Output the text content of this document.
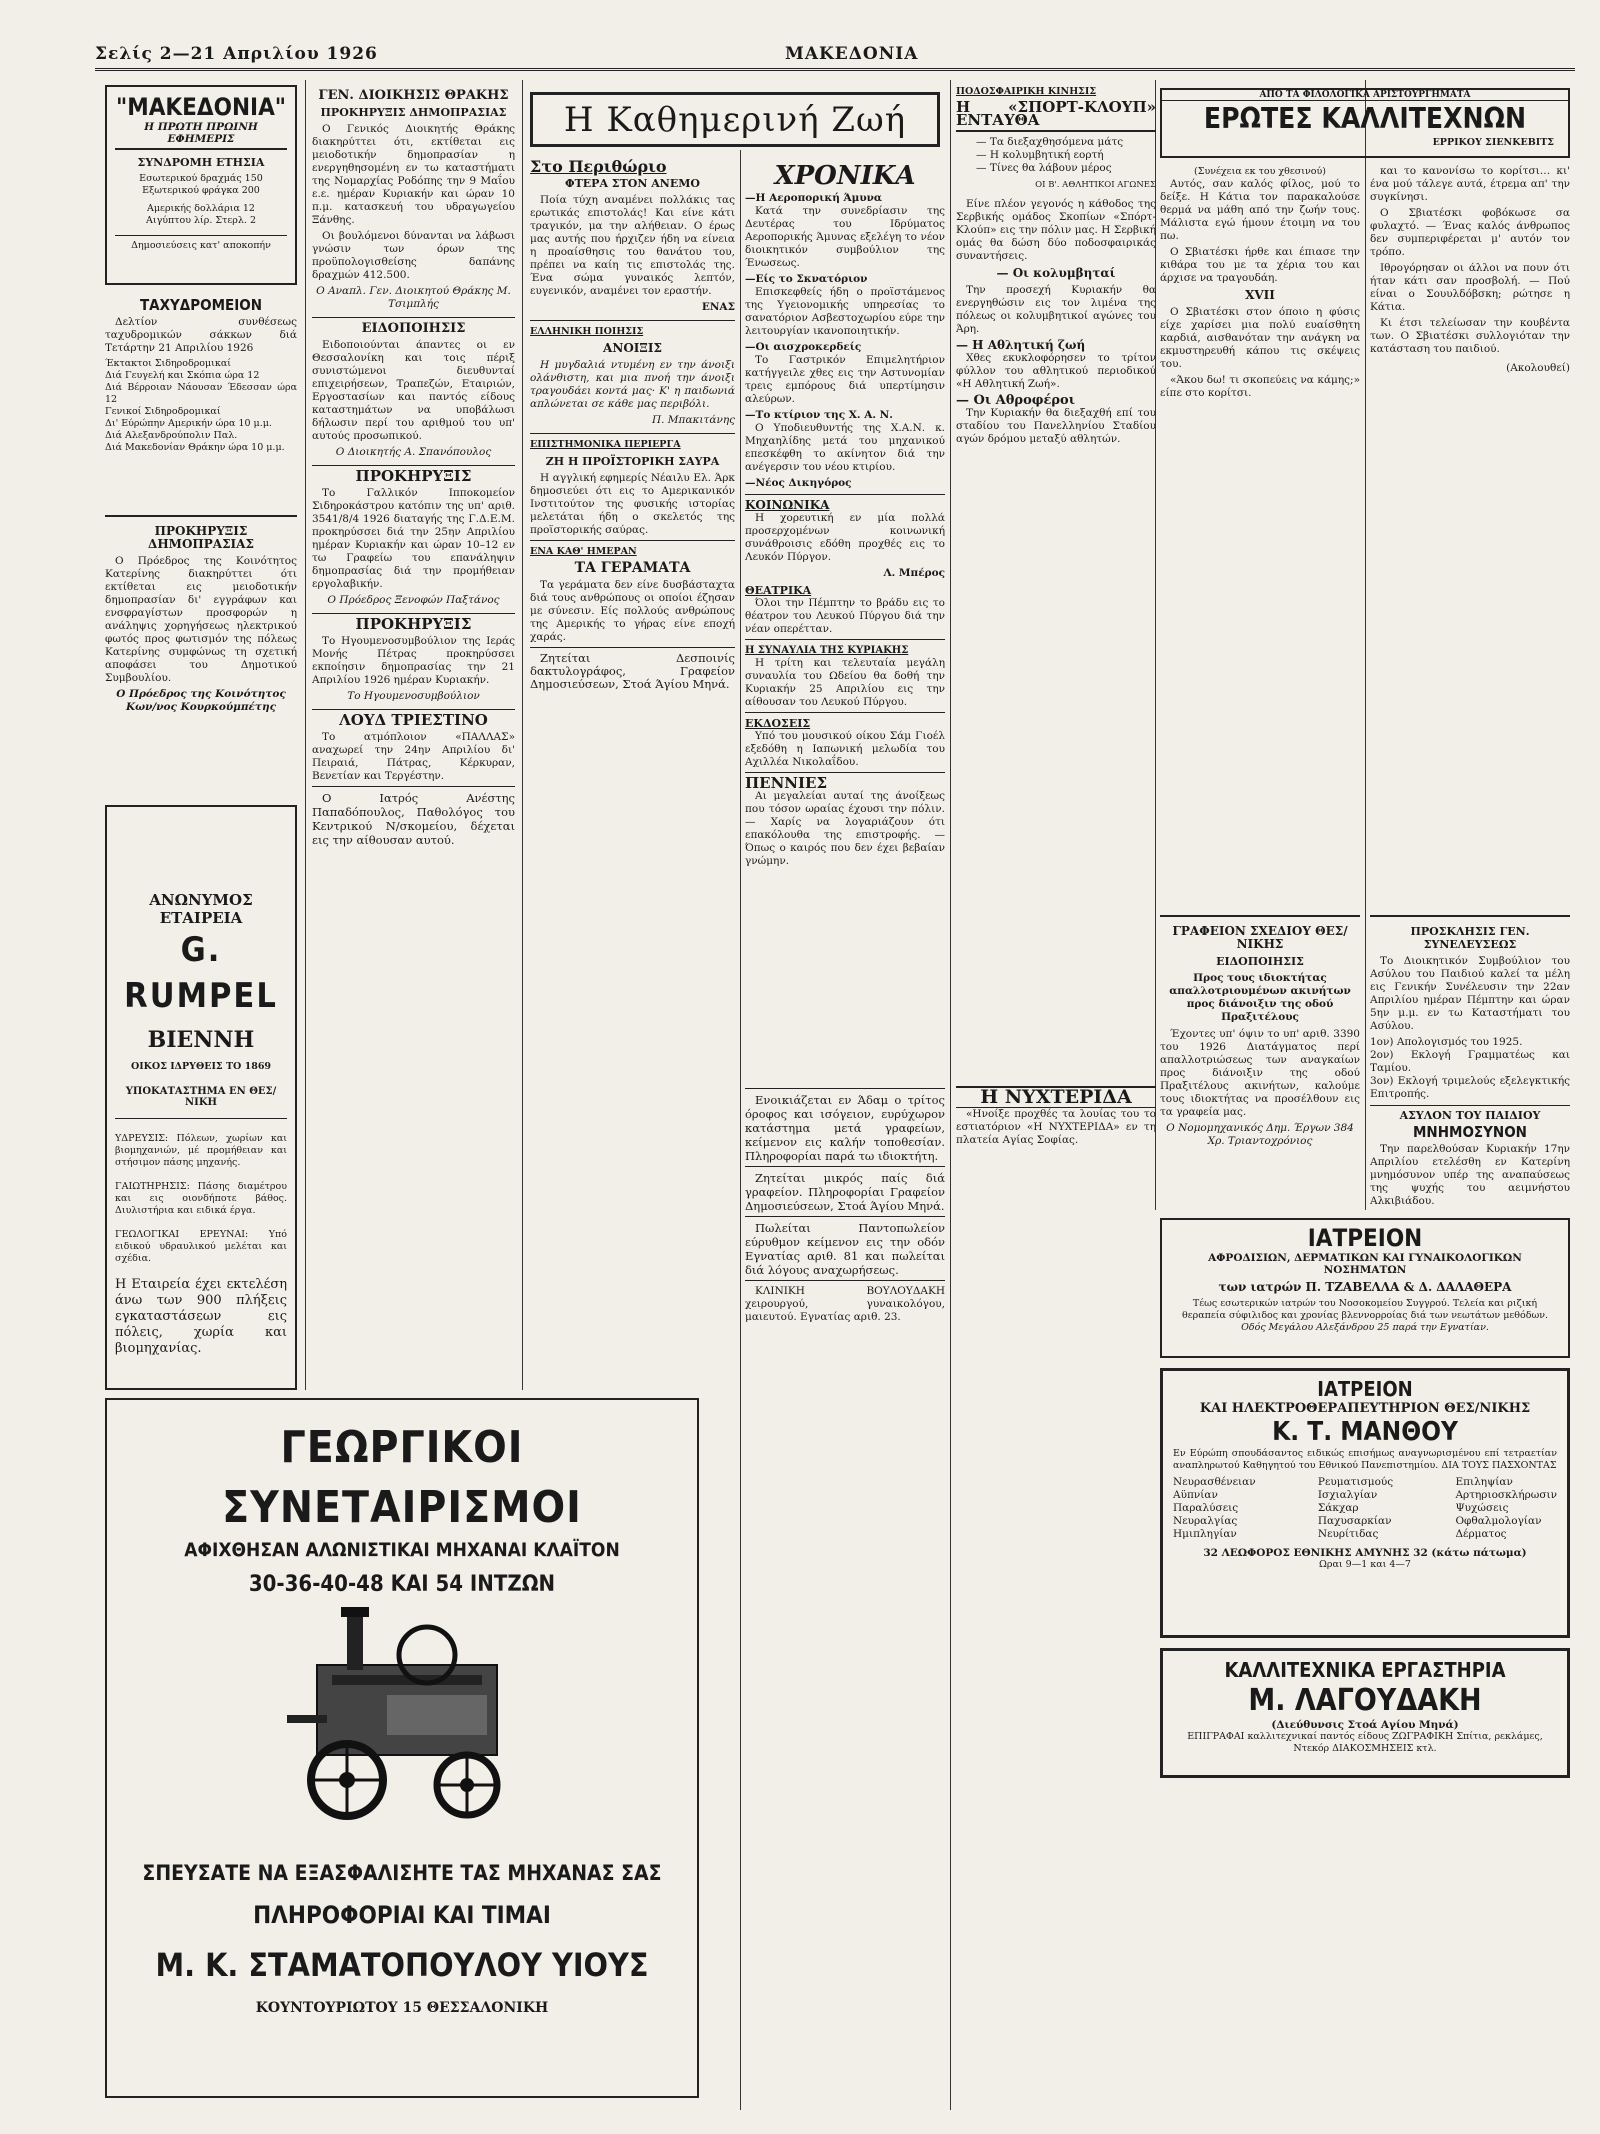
Σελίς 2—21 Απριλίου 1926	ΜΑΚΕΔΟΝΙΑ
"ΜΑΚΕΔΟΝΙΑ"
Η ΠΡΩΤΗ ΠΡΩΙΝΗ ΕΦΗΜΕΡΙΣ
ΣΥΝΔΡΟΜΗ ΕΤΗΣΙΑ
Εσωτερικού δραχμάς 150
Εξωτερικού φράγκα 200
Αμερικής δολλάρια 12
Αιγύπτου λίρ. Στερλ. 2
Δημοσιεύσεις κατ' αποκοπήν
ΤΑΧΥΔΡΟΜΕΙΟΝ

Δελτίον συνθέσεως ταχυδρομικών σάκκων διά Τετάρτην 21 Απριλίου 1926

Έκτακτοι Σιδηροδρομικαί
Διά Γευγελή και Σκόπια ώρα 12
Διά Βέρροιαν Νάουσαν Έδεσσαν ώρα 12
Γενικοί Σιδηροδρομικαί
Δι' Εύρώπην Αμερικήν ώρα 10 μ.μ.
Διά Αλεξανδρούπολιν Παλ.
Διά Μακεδονίαν Θράκην ώρα 10 μ.μ.
ΠΡΟΚΗΡΥΞΙΣ ΔΗΜΟΠΡΑΣΙΑΣ

Ο Πρόεδρος της Κοινότητος Κατερίνης διακηρύττει ότι εκτίθεται εις μειοδοτικήν δημοπρασίαν δι' εγγράφων και ενσφραγίστων προσφορών η ανάληψις χορηγήσεως ηλεκτρικού φωτός προς φωτισμόν της πόλεως Κατερίνης συμφώνως τη σχετική αποφάσει του Δημοτικού Συμβουλίου.

Ο Πρόεδρος της Κοινότητος Κων/νος Κουρκούμπέτης
ΑΝΩΝΥΜΟΣ ΕΤΑΙΡΕΙΑ
G. RUMPEL
ΒΙΕΝΝΗ
ΟΙΚΟΣ ΙΔΡΥΘΕΙΣ ΤΟ 1869
ΥΠΟΚΑΤΑΣΤΗΜΑ ΕΝ ΘΕΣ/ΝΙΚΗ

ΥΔΡΕΥΣΙΣ: Πόλεων, χωρίων και βιομηχανιών, μέ προμήθειαν και στήσιμον πάσης μηχανής.

ΓΑΙΩΤΗΡΗΣΙΣ: Πάσης διαμέτρου και εις οιονδήποτε βάθος. Διυλιστήρια και ειδικά έργα.

ΓΕΩΛΟΓΙΚΑΙ ΕΡΕΥΝΑΙ: Υπό ειδικού υδραυλικού μελέται και σχέδια.

Η Εταιρεία έχει εκτελέση άνω των 900 πλήξεις εγκαταστάσεων εις πόλεις, χωρία και βιομηχανίας.

ΓΕΝ. ΔΙΟΙΚΗΣΙΣ ΘΡΑΚΗΣ
ΠΡΟΚΗΡΥΞΙΣ ΔΗΜΟΠΡΑΣΙΑΣ

Ο Γενικός Διοικητής Θράκης διακηρύττει ότι, εκτίθεται εις μειοδοτικήν δημοπρασίαν η ενεργηθησομένη εν τω καταστήματι της Νομαρχίας Ροδόπης την 9 Μαΐου ε.ε. ημέραν Κυριακήν και ώραν 10 π.μ. κατασκευή του υδραγωγείου Ξάνθης.

Οι βουλόμενοι δύνανται να λάβωσι γνώσιν των όρων της προϋπολογισθείσης δαπάνης δραχμών 412.500.

Ο Αναπλ. Γεν. Διοικητού Θράκης Μ. Τσιμπλής
ΕΙΔΟΠΟΙΗΣΙΣ

Ειδοποιούνται άπαντες οι εν Θεσσαλονίκη και τοις πέριξ συνιστώμενοι διευθυνταί επιχειρήσεων, Τραπεζών, Εταιριών, Εργοστασίων και παντός είδους καταστημάτων να υποβάλωσι δήλωσιν περί του αριθμού του υπ' αυτούς προσωπικού.

Ο Διοικητής Α. Σπανόπουλος
ΠΡΟΚΗΡΥΞΙΣ

Το Γαλλικόν Ιπποκομείον Σιδηροκάστρου κατόπιν της υπ' αριθ. 3541/8/4 1926 διαταγής της Γ.Δ.Ε.Μ. προκηρύσσει διά την 25ην Απριλίου ημέραν Κυριακήν και ώραν 10–12 εν τω Γραφείω του επανάληψιν δημοπρασίας διά την προμήθειαν εργολαβικήν.

Ο Πρόεδρος Ξενοφών Παξτάνος
ΠΡΟΚΗΡΥΞΙΣ

Το Ηγουμενοσυμβούλιον της Ιεράς Μονής Πέτρας προκηρύσσει εκποίησιν δημοπρασίας την 21 Απριλίου 1926 ημέραν Κυριακήν.

Το Ηγουμενοσυμβούλιον
ΛΟΥΔ ΤΡΙΕΣΤΙΝΟ

Το ατμόπλοιον «ΠΑΛΛΑΣ» αναχωρεί την 24ην Απριλίου δι' Πειραιά, Πάτρας, Κέρκυραν, Βενετίαν και Τεργέστην.

Ο Ιατρός Ανέστης Παπαδόπουλος, Παθολόγος του Κεντρικού Ν/σκομείου, δέχεται εις την αίθουσαν αυτού.

Η Καθημερινή Ζωή
Στο Περιθώριο
ΦΤΕΡΑ ΣΤΟΝ ΑΝΕΜΟ

Ποία τύχη αναμένει πολλάκις τας ερωτικάς επιστολάς! Και είνε κάτι τραγικόν, μα την αλήθειαν. Ο έρως μας αυτής που ήρχιζεν ήδη να είνεια η προαίσθησις του θανάτου του, πρέπει να καίη τις επιστολάς της. Ένα σώμα γυναικός λεπτόν, ευγενικόν, αναμένει τον εραστήν.

ΕΝΑΣ
ΕΛΛΗΝΙΚΗ ΠΟΙΗΣΙΣ
ΑΝΟΙΞΙΣ

Η μυγδαλιά ντυμένη εν την άνοιξι ολάνθιστη, και μια πνοή την άνοιξι τραγουδάει κοντά μας· Κ' η παιδωνιά απλώνεται σε κάθε μας περιβόλι.

Π. Μπακιτάνης
ΕΠΙΣΤΗΜΟΝΙΚΑ ΠΕΡΙΕΡΓΑ
ΖΗ Η ΠΡΟΪΣΤΟΡΙΚΗ ΣΑΥΡΑ

Η αγγλική εφημερίς Νέαιλυ Ελ. Άρκ δημοσιεύει ότι εις το Αμερικανικόν Ινστιτούτον της φυσικής ιστορίας μελετάται ήδη ο σκελετός της προϊστορικής σαύρας.

ΕΝΑ ΚΑΘ' ΗΜΕΡΑΝ
ΤΑ ΓΕΡΑΜΑΤΑ

Τα γεράματα δεν είνε δυσβάσταχτα διά τους ανθρώπους οι οποίοι έζησαν με σύνεσιν. Είς πολλούς ανθρώπους της Αμερικής το γήρας είνε εποχή χαράς.

Ζητείται Δεσποινίς δακτυλογράφος, Γραφείον Δημοσιεύσεων, Στοά Άγίου Μηνά.

ΧΡΟΝΙΚΑ
—Η Αεροπορική Άμυνα

Κατά την συνεδρίασιν της Δευτέρας του Ιδρύματος Αεροπορικής Άμυνας εξελέγη το νέον διοικητικόν συμβούλιον της Ένωσεως.

—Είς το Σκνατόριον

Επισκεφθείς ήδη ο προϊστάμενος της Υγειονομικής υπηρεσίας το σανατόριον Ασβεστοχωρίου εύρε την λειτουργίαν ικανοποιητικήν.

—Οι αισχροκερδείς

Το Γαστρικόν Επιμελητήριον κατήγγειλε χθες εις την Αστυνομίαν τρεις εμπόρους διά υπερτίμησιν αλεύρων.

—Το κτίριον της Χ. Α. Ν.

Ο Υποδιευθυντής της Χ.Α.Ν. κ. Μηχαηλίδης μετά του μηχανικού επεσκέφθη το ακίνητον διά την ανέγερσιν του νέου κτιρίου.

—Νέος Δικηγόρος
ΚΟΙΝΩΝΙΚΑ

Η χορευτική εν μία πολλά προσερχομένων κοινωνική συνάθροισις εδόθη προχθές εις το Λευκόν Πύργον.

Λ. Μπέρος
ΘΕΑΤΡΙΚΑ

Όλοι την Πέμπτην το βράδυ εις το θέατρον του Λευκού Πύργου διά την νέαν οπερέτταν.

Η ΣΥΝΑΥΛΙΑ ΤΗΣ ΚΥΡΙΑΚΗΣ

Η τρίτη και τελευταία μεγάλη συναυλία του Ωδείου θα δοθή την Κυριακήν 25 Απριλίου εις την αίθουσαν του Λευκού Πύργου.

ΕΚΔΟΣΕΙΣ

Υπό του μουσικού οίκου Σάμ Γιοέλ εξεδόθη η Ιαπωνική μελωδία του Αχιλλέα Νικολαΐδου.

ΠΕΝΝΙΕΣ

Αι μεγαλείαι αυταί της άνοίξεως που τόσον ωραίας έχουσι την πόλιν. — Χαρίς να λογαριάζουν ότι επακόλουθα της επιστροφής. — Όπως ο καιρός που δεν έχει βεβαίαν γνώμην.

Ενοικιάζεται εν Άδαμ ο τρίτος όροφος και ισόγειον, ευρύχωρον κατάστημα μετά γραφείων, κείμενον εις καλήν τοποθεσίαν. Πληροφορίαι παρά τω ιδιοκτήτη.

Ζητείται μικρός παίς διά γραφείον. Πληροφορίαι Γραφείον Δημοσιεύσεων, Στοά Άγίου Μηνά.

Πωλείται Παντοπωλείον εύρυθμον κείμενον εις την οδόν Εγνατίας αριθ. 81 και πωλείται διά λόγους αναχωρήσεως.

ΚΛΙΝΙΚΗ ΒΟΥΛΟΥΔΑΚΗ χειρουργού, γυναικολόγου, μαιευτού. Εγνατίας αριθ. 23.

ΠΟΔΟΣΦΑΙΡΙΚΗ ΚΙΝΗΣΙΣ
Η «ΣΠΟΡΤ-ΚΛΟΥΠ» ΕΝΤΑΥΘΑ
— Τα διεξαχθησόμενα μάτς
— Η κολυμβητική εορτή
— Τίνες θα λάβουν μέρος
ΟΙ Β'. ΑΘΛΗΤΙΚΟΙ ΑΓΩΝΕΣ

Είνε πλέον γεγονός η κάθοδος της Σερβικής ομάδος Σκοπίων «Σπόρτ-Κλούπ» εις την πόλιν μας. Η Σερβική ομάς θα δώση δύο ποδοσφαιρικάς συναντήσεις.

— Οι κολυμβηταί

Την προσεχή Κυριακήν θα ενεργηθώσιν εις τον λιμένα της πόλεως οι κολυμβητικοί αγώνες του Άρη.

— Η Αθλητική ζωή

Χθες εκυκλοφόρησεν το τρίτον φύλλον του αθλητικού περιοδικού «Η Αθλητική Ζωή».

— Οι Αθροφέροι

Την Κυριακήν θα διεξαχθή επί του σταδίου του Πανελληνίου Σταδίου αγών δρόμου μεταξύ αθλητών.

Η ΝΥΧΤΕΡΙΔΑ

«Ηνοίξε προχθές τα λουίας του το εστιατόριον «Η ΝΥΧΤΕΡΙΔΑ» εν τη πλατεία Αγίας Σοφίας.

ΑΠΟ ΤΑ ΦΙΛΟΛΟΓΙΚΑ ΑΡΙΣΤΟΥΡΓΗΜΑΤΑ
ΕΡΩΤΕΣ ΚΑΛΛΙΤΕΧΝΩΝ
ΕΡΡΙΚΟΥ ΣΙΕΝΚΕΒΙΤΣ
(Συνέχεια εκ του χθεσινού)

Αυτός, σαν καλός φίλος, μού το δείξε. Η Κάτια τον παρακαλούσε θερμά να μάθη από την ζωήν τους. Μάλιστα εγώ ήμουν έτοιμη να του πω.

Ο Σβιατέσκι ήρθε και έπιασε την κιθάρα του με τα χέρια του και άρχισε να τραγουδάη.

XVII

Ο Σβιατέσκι στον όποιο η φύσις είχε χαρίσει μια πολύ ευαίσθητη καρδιά, αισθανόταν την ανάγκη να εκμυστηρευθή κάπου τις σκέψεις του.

«Άκου δω! τι σκοπεύεις να κάμης;» είπε στο κορίτσι.

και το κανονίσω το κορίτσι… κι' ένα μού τάλεγε αυτά, έτρεμα απ' την συγκίνησι.

Ο Σβιατέσκι φοβόκωσε σα φυλαχτό. — Ένας καλός άνθρωπος δεν συμπεριφέρεται μ' αυτόν τον τρόπο.

Ιθρογόρησαν οι άλλοι να πουν ότι ήταν κάτι σαν προσβολή. — Πού είναι ο Σουυλδόβσκη; ρώτησε η Κάτια.

Κι έτσι τελείωσαν την κουβέντα των. Ο Σβιατέσκι συλλογιόταν την κατάσταση του παιδιού.

(Ακολουθεί)
ΓΡΑΦΕΙΟΝ ΣΧΕΔΙΟΥ ΘΕΣ/ΝΙΚΗΣ
ΕΙΔΟΠΟΙΗΣΙΣ
Προς τους ιδιοκτήτας απαλλοτριουμένων ακινήτων προς διάνοιξιν της οδού Πραξιτέλους

Έχοντες υπ' όψιν το υπ' αριθ. 3390 του 1926 Διατάγματος περί απαλλοτριώσεως των αναγκαίων προς διάνοιξιν της οδού Πραξιτέλους ακινήτων, καλούμε τους ιδιοκτήτας να προσέλθουν εις τα γραφεία μας.

Ο Νομομηχανικός Δημ. Έργων 384 Χρ. Τριαντοχρόνιος
ΠΡΟΣΚΛΗΣΙΣ ΓΕΝ. ΣΥΝΕΛΕΥΣΕΩΣ

Το Διοικητικόν Συμβούλιον του Ασύλου του Παιδιού καλεί τα μέλη εις Γενικήν Συνέλευσιν την 22αν Απριλίου ημέραν Πέμπτην και ώραν 5ην μ.μ. εν τω Καταστήματι του Ασύλου.

1ον) Απολογισμός του 1925.
2ον) Εκλογή Γραμματέως και Ταμίου.
3ον) Εκλογή τριμελούς εξελεγκτικής Επιτροπής.
ΑΣΥΛΟΝ ΤΟΥ ΠΑΙΔΙΟΥ
ΜΝΗΜΟΣΥΝΟΝ

Την παρελθούσαν Κυριακήν 17ην Απριλίου ετελέσθη εν Κατερίνη μνημόσυνον υπέρ της αναπαύσεως της ψυχής του αειμνήστου Αλκιβιάδου.

ΙΑΤΡΕΙΟΝ
ΑΦΡΟΔΙΣΙΩΝ, ΔΕΡΜΑΤΙΚΩΝ ΚΑΙ ΓΥΝΑΙΚΟΛΟΓΙΚΩΝ ΝΟΣΗΜΑΤΩΝ
των ιατρών Π. ΤΖΑΒΕΛΛΑ & Δ. ΔΑΛΑΘΕΡΑ
Τέως εσωτερικών ιατρών του Νοσοκομείου Συγγρού. Τελεία και ριζική θεραπεία σύφιλιδος και χρονίας βλεννορροίας διά των νεωτάτων μεθόδων.
Οδός Μεγάλου Αλεξάνδρου 25 παρά την Εγνατίαν.
ΙΑΤΡΕΙΟΝ
ΚΑΙ ΗΛΕΚΤΡΟΘΕΡΑΠΕΥΤΗΡΙΟΝ ΘΕΣ/ΝΙΚΗΣ
Κ. Τ. ΜΑΝΘΟΥ
Εν Εύρώπη σπουδάσαντος ειδικώς επισήμως αναγνωρισμένου επί τετραετίαν αναπληρωτού Καθηγητού του Εθνικού Πανεπιστημίου. ΔΙΑ ΤΟΥΣ ΠΑΣΧΟΝΤΑΣ
Νευρασθένειαν
Αϋπνίαν
Παραλύσεις
Νευραλγίας
Ημιπληγίαν
Ρευματισμούς
Ισχιαλγίαν
Σάκχαρ
Παχυσαρκίαν
Νευρίτιδας
Επιληψίαν
Αρτηριοσκλήρωσιν
Ψυχώσεις
Οφθαλμολογίαν
Δέρματος
32 ΛΕΩΦΟΡΟΣ ΕΘΝΙΚΗΣ ΑΜΥΝΗΣ 32 (κάτω πάτωμα)
Ωραι 9—1 και 4—7
ΚΑΛΛΙΤΕΧΝΙΚΑ ΕΡΓΑΣΤΗΡΙΑ
Μ. ΛΑΓΟΥΔΑΚΗ
(Διεύθυνσις Στοά Αγίου Μηνά)
ΕΠΙΓΡΑΦΑΙ καλλιτεχνικαί παντός είδους ΖΩΓΡΑΦΙΚΗ Σπίτια, ρεκλάμες, Ντεκόρ ΔΙΑΚΟΣΜΗΣΕΙΣ κτλ.
ΓΕΩΡΓΙΚΟΙ ΣΥΝΕΤΑΙΡΙΣΜΟΙ
ΑΦΙΧΘΗΣΑΝ ΑΛΩΝΙΣΤΙΚΑΙ ΜΗΧΑΝΑΙ ΚΛΑΪΤΟΝ
30-36-40-48 ΚΑΙ 54 ΙΝΤΖΩΝ
ΣΠΕΥΣΑΤΕ ΝΑ ΕΞΑΣΦΑΛΙΣΗΤΕ ΤΑΣ ΜΗΧΑΝΑΣ ΣΑΣ
ΠΛΗΡΟΦΟΡΙΑΙ ΚΑΙ ΤΙΜΑΙ
Μ. Κ. ΣΤΑΜΑΤΟΠΟΥΛΟΥ ΥΙΟΥΣ
ΚΟΥΝΤΟΥΡΙΩΤΟΥ 15 ΘΕΣΣΑΛΟΝΙΚΗ
